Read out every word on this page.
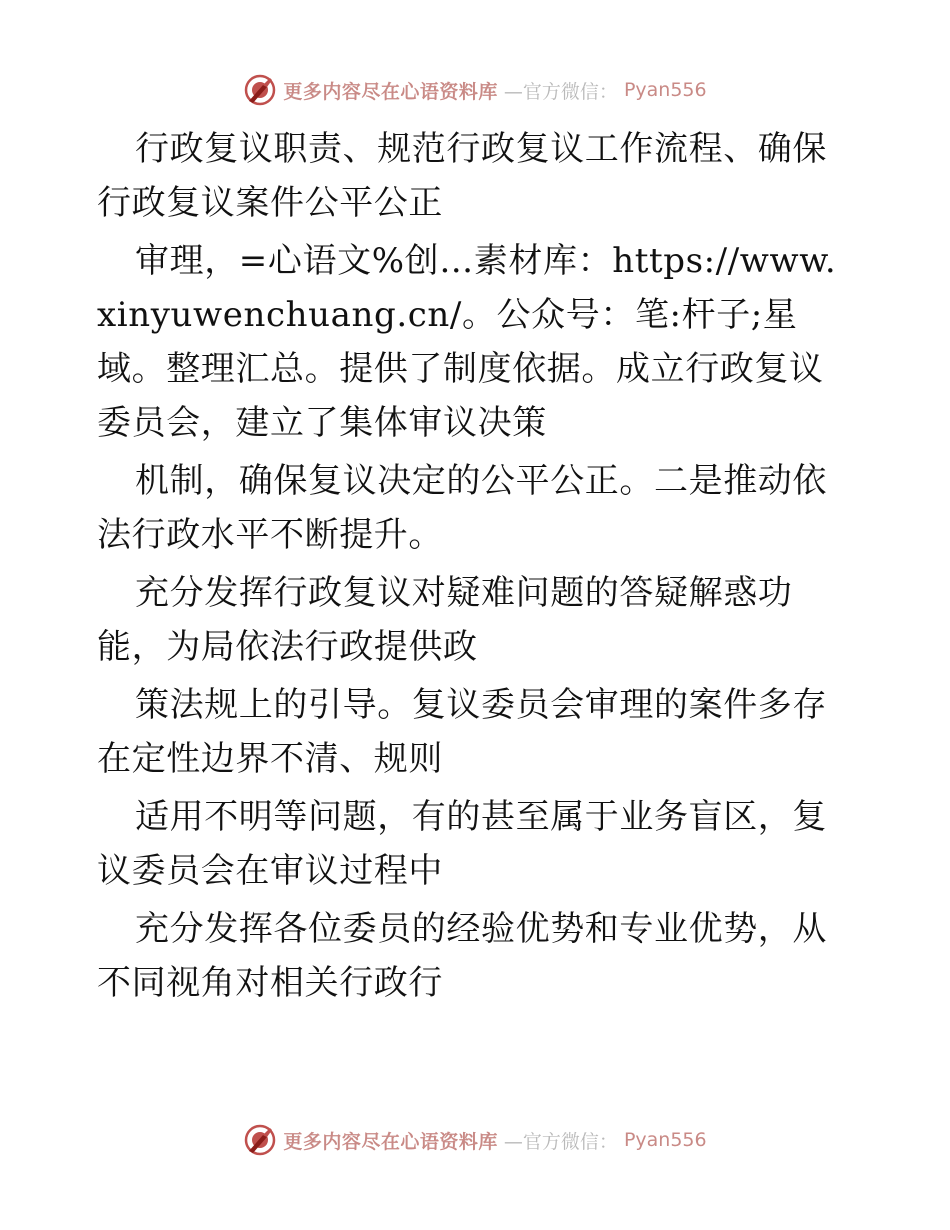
更多内容尽在心语资料库 —官方微信： Pyan556

行政复议职责、规范行政复议工作流程、确保行政复议案件公平公正

审理，=心语文%创…素材库：https://www.xinyuwenchuang.cn/。公众号：笔:杆子;星域。整理汇总。提供了制度依据。成立行政复议委员会，建立了集体审议决策

机制，确保复议决定的公平公正。二是推动依法行政水平不断提升。

充分发挥行政复议对疑难问题的答疑解惑功能，为局依法行政提供政

策法规上的引导。复议委员会审理的案件多存在定性边界不清、规则

适用不明等问题，有的甚至属于业务盲区，复议委员会在审议过程中

充分发挥各位委员的经验优势和专业优势，从不同视角对相关行政行

更多内容尽在心语资料库 —官方微信： Pyan556
